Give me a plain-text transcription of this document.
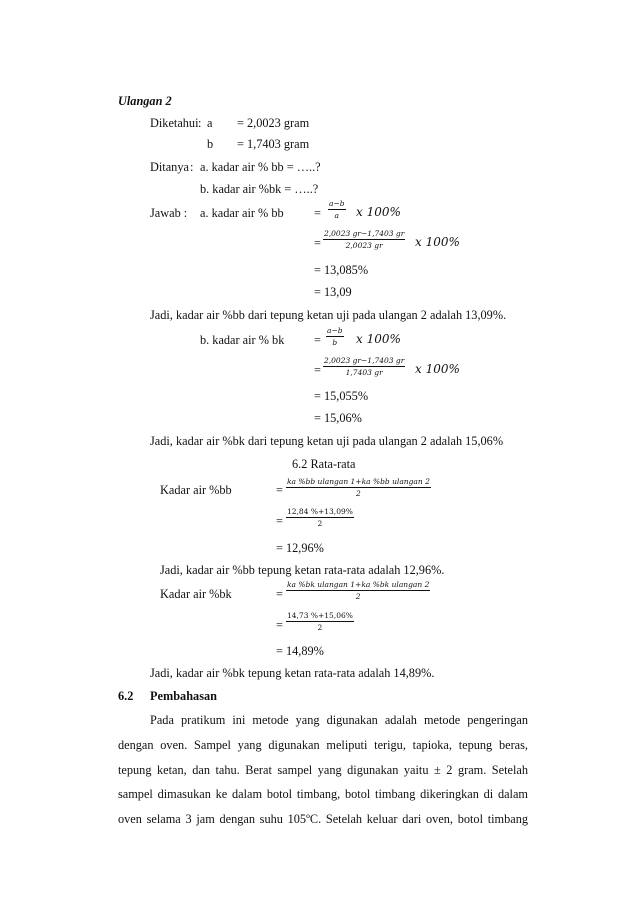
Ulangan 2
Diketahui : a = 2,0023 gram
b = 1,7403 gram
Ditanya : a. kadar air % bb = …..?
b. kadar air %bk = …..?
Jawab : a. kadar air % bb = $\frac{a-b}{a}$ x 100%
= $\frac{2,0023 gr-1,7403 gr}{2,0023 gr}$ x 100%
= 13,085%
= 13,09
Jadi, kadar air %bb dari tepung ketan uji pada ulangan 2 adalah 13,09%.
b. kadar air % bk = $\frac{a-b}{b}$ x 100%
= $\frac{2,0023 gr-1,7403 gr}{1,7403 gr}$ x 100%
= 15,055%
= 15,06%
Jadi, kadar air %bk dari tepung ketan uji pada ulangan 2 adalah 15,06%
6.2 Rata-rata
Kadar air %bb	=
ka %bb ulangan 1+ka %bb ulangan 2
2
= $\frac{12,84 \%+13,09\%}{2}$
= 12,96%
Jadi, kadar air %bb tepung ketan rata-rata adalah 12,96%.
Kadar air %bk	=
ka %bk ulangan 1+ka %bk ulangan 2
2
= $\frac{14,73 \%+15,06\%}{2}$
= 14,89%
Jadi, kadar air %bk tepung ketan rata-rata adalah 14,89%.
6.2 Pembahasan
Pada pratikum ini metode yang digunakan adalah metode pengeringan
dengan oven. Sampel yang digunakan meliputi terigu, tapioka, tepung beras,
tepung ketan, dan tahu. Berat sampel yang digunakan yaitu ± 2 gram. Setelah
sampel dimasukan ke dalam botol timbang, botol timbang dikeringkan di dalam
oven selama 3 jam dengan suhu 105ºC. Setelah keluar dari oven, botol timbang
